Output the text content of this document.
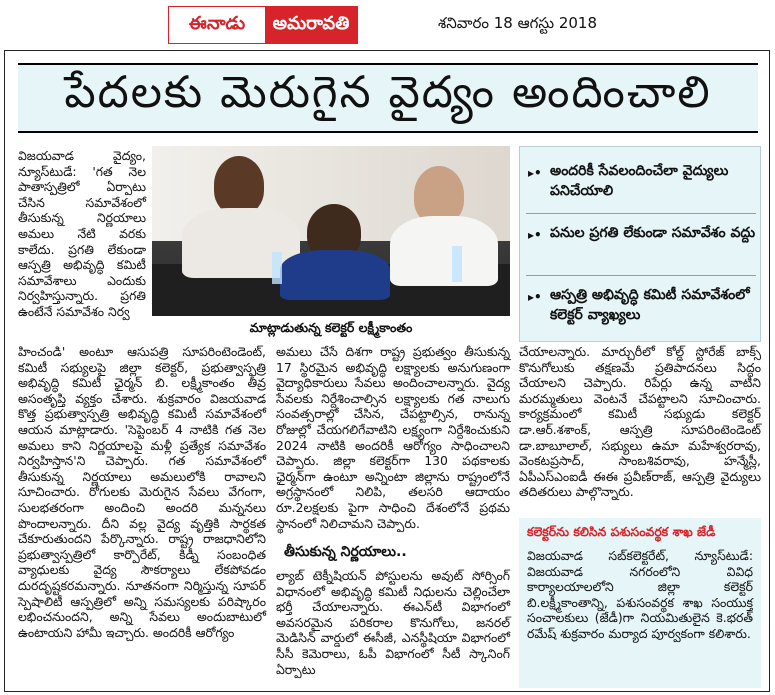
ఈనాడు	అమరావతి	శనివారం 18 ఆగస్టు 2018
పేదలకు మెరుగైన వైద్యం అందించాలి

విజయవాడ వైద్యం, న్యూస్‌టుడే: 'గత నెల పాతాస్పత్రిలో ఏర్పాటు చేసిన సమావేశంలో తీసుకున్న నిర్ణయాలు అమలు నేటి వరకు కాలేదు. ప్రగతి లేకుండా ఆస్పత్రి అభివృద్ధి కమిటీ సమావేశాలు ఎందుకు నిర్వహిస్తున్నారు. ప్రగతి ఉంటేనే సమావేశం నిర్వ

మాట్లాడుతున్న కలెక్టర్ లక్ష్మీకాంతం
▸• అందరికీ సేవలందించేలా వైద్యులు పనిచేయాలి
▸• పనుల ప్రగతి లేకుండా సమావేశం వద్దు
▸• ఆస్పత్రి అభివృద్ధి కమిటీ సమావేశంలో కలెక్టర్ వ్యాఖ్యలు

హించండి' అంటూ ఆసుపత్రి సూపరింటెండెంట్, కమిటీ సభ్యులపై జిల్లా కలెక్టర్, ప్రభుత్వాస్పత్రి అభివృద్ధి కమిటీ ఛైర్మన్ బి. లక్ష్మీకాంతం తీవ్ర అసంతృప్తి వ్యక్తం చేశారు. శుక్రవారం విజయవాడ కొత్త ప్రభుత్వాస్పత్రి అభివృద్ధి కమిటీ సమావేశంలో ఆయన మాట్లాడారు. 'సెప్టెంబర్ 4 నాటికి గత నెల అమలు కాని నిర్ణయాలపై మళ్లీ ప్రత్యేక సమావేశం నిర్వహిస్తాన'ని చెప్పారు. గత సమావేశంలో తీసుకున్న నిర్ణయాలు అమలులోకి రావాలని సూచించారు. రోగులకు మెరుగైన సేవలు వేగంగా, సులభతరంగా అందించి అందరి మన్ననలు పొందాలన్నారు. దీని వల్ల వైద్య వృత్తికి సార్థకత చేకూరుతుందని పేర్కొన్నారు. రాష్ట్ర రాజధానిలోని ప్రభుత్వాస్పత్రిలో కార్పొరేట్‌, కిడ్నీ సంబంధిత వ్యాధులకు వైద్య సౌకర్యాలు లేకపోవడం దురదృష్టకరమన్నారు. నూతనంగా నిర్మిస్తున్న సూపర్ స్పెషాలిటీ ఆస్పత్రిలో అన్ని సమస్యలకు పరిష్కారం లభించనుందని, అన్ని సేవలు అందుబాటులో ఉంటాయని హామీ ఇచ్చారు. అందరికీ ఆరోగ్యం

అమలు చేసే దిశగా రాష్ట్ర ప్రభుత్వం తీసుకున్న 17 స్థిరమైన అభివృద్ధి లక్ష్యాలకు అనుగుణంగా వైద్యాధికారులు సేవలు అందించాలన్నారు. వైద్య సేవలకు నిర్దేశించాల్సిన లక్ష్యాలకు గత నాలుగు సంవత్సరాల్లో చేసిన, చేపట్టాల్సిన, రానున్న రోజుల్లో చేయగలిగేవాటిని లక్ష్యంగా నిర్దేశించుకుని 2024 నాటికి అందరికీ ఆరోగ్యం సాధించాలని చెప్పారు. జిల్లా కలెక్టర్‌గా 130 పథకాలకు ఛైర్మన్‌గా ఉంటూ అన్నింటా జిల్లాను రాష్ట్రంలోనే అగ్రస్థానంలో నిలిపి, తలసరి ఆదాయం రూ.2లక్షలకు పైగా సాధించి దేశంలోనే ప్రథమ స్థానంలో నిలిచామని చెప్పారు.

తీసుకున్న నిర్ణయాలు..

ల్యాబ్ టెక్నీషియన్ పోస్టులను అవుట్ సోర్సింగ్ విధానంలో అభివృద్ధి కమిటీ నిధులను చెల్లించేలా భర్తీ చేయాలన్నారు. ఈఎన్‌టీ విభాగంలో అవసరమైన పరికరాల కొనుగోలు, జనరల్ మెడిసిన్ వార్డులో ఈసీజీ, ఎనస్థీషియా విభాగంలో సీసీ కెమెరాలు, ఓపీ విభాగంలో సీటీ స్కానింగ్‌ ఏర్పాటు

చేయాలన్నారు. మార్చురీలో కోల్డ్ స్టోరేజ్ బాక్స్ కొనుగోలుకు తక్షణమే ప్రతిపాదనలు సిద్ధం చేయాలని చెప్పారు. రిపేర్లు ఉన్న వాటిని మరమ్మతులు వెంటనే చేపట్టాలని సూచించారు. కార్యక్రమంలో కమిటీ సభ్యుడు కలెక్టర్ డా.ఆర్.శశాంక్, ఆస్పత్రి సూపరింటెండెంట్ డా.బాబూలాల్, సభ్యులు ఉమా మహేశ్వరరావు, వెంకటప్రసాద్, సాంబశివరావు, హన్మేస్లీ, ఏపీఎస్‌ఎంఐడీ ఈఈ ప్రవీణ్‌రాజ్, ఆస్పత్రి వైద్యులు తదితరులు పాల్గొన్నారు.

కలెక్టర్‌ను కలిసిన పశుసంవర్థక శాఖ జేడీ
విజయవాడ సబ్‌కలెక్టరేట్, న్యూస్‌టుడే: విజయవాడ నగరంలోని వివిధ కార్యాలయాలలోని జిల్లా కలెక్టర్ బి.లక్ష్మీకాంతాన్ని, పశుసంవర్థక శాఖ సంయుక్త సంచాలకులు (జేడీ)గా నియమితులైన కె.భరత్ రమేష్ శుక్రవారం మర్యాద పూర్వకంగా కలిశారు.
